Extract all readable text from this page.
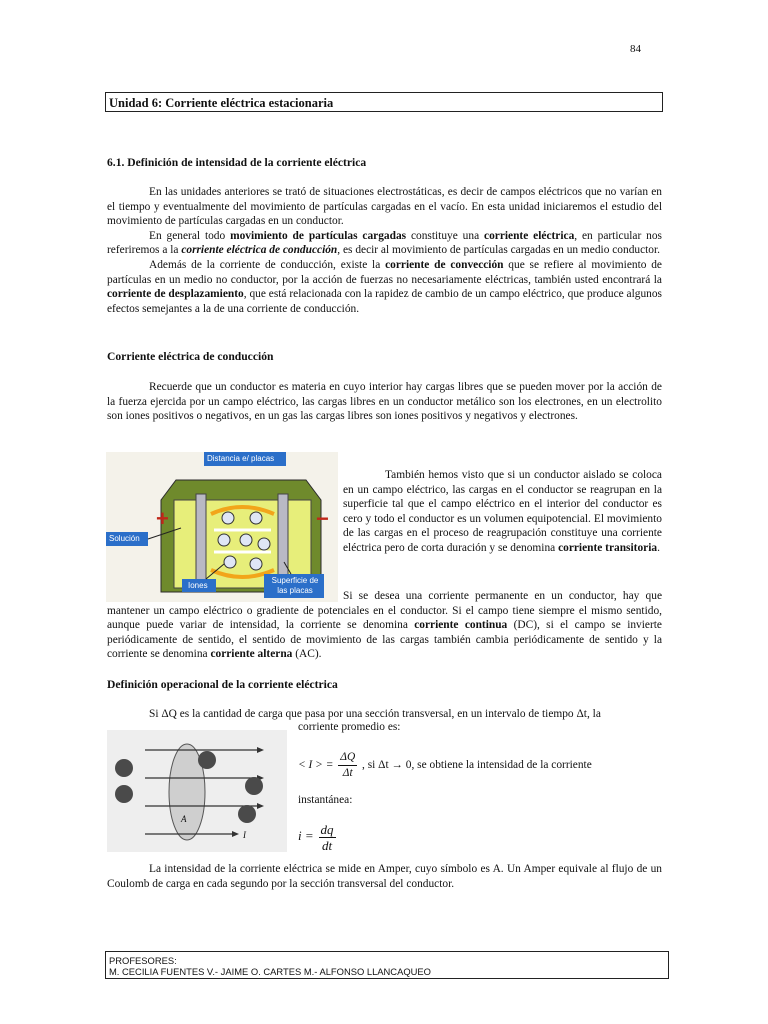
84
Unidad 6: Corriente eléctrica estacionaria
6.1. Definición de intensidad de la corriente eléctrica

En las unidades anteriores se trató de situaciones electrostáticas, es decir de campos eléctricos que no varían en el tiempo y eventualmente del movimiento de partículas cargadas en el vacío. En esta unidad iniciaremos el estudio del movimiento de partículas cargadas en un conductor.

En general todo movimiento de partículas cargadas constituye una corriente eléctrica, en particular nos referiremos a la corriente eléctrica de conducción, es decir al movimiento de partículas cargadas en un medio conductor.

Además de la corriente de conducción, existe la corriente de convección que se refiere al movimiento de partículas en un medio no conductor, por la acción de fuerzas no necesariamente eléctricas, también usted encontrará la corriente de desplazamiento, que está relacionada con la rapidez de cambio de un campo eléctrico, que produce algunos efectos semejantes a la de una corriente de conducción.

Corriente eléctrica de conducción

Recuerde que un conductor es materia en cuyo interior hay cargas libres que se pueden mover por la acción de la fuerza ejercida por un campo eléctrico, las cargas libres en un conductor metálico son los electrones, en un electrolito son iones positivos o negativos, en un gas las cargas libres son iones positivos y negativos y electrones.

Distancia e/ placas
Solución
Iones
Superficie de las placas
+	−

También hemos visto que si un conductor aislado se coloca en un campo eléctrico, las cargas en el conductor se reagrupan en la superficie tal que el campo eléctrico en el interior del conductor es cero y todo el conductor es un volumen equipotencial. El movimiento de las cargas en el proceso de reagrupación constituye una corriente eléctrica pero de corta duración y se denomina corriente transitoria.

Si se desea una corriente permanente en un conductor, hay que mantener un campo eléctrico o gradiente de potenciales en el conductor. Si el campo tiene siempre el mismo sentido, aunque puede variar de intensidad, la corriente se denomina corriente continua (DC), si el campo se invierte periódicamente de sentido, el sentido de movimiento de las cargas también cambia periódicamente de sentido y la corriente se denomina corriente alterna (AC).

Definición operacional de la corriente eléctrica

Si ΔQ es la cantidad de carga que pasa por una sección transversal, en un intervalo de tiempo Δt, la

corriente promedio es:
A
I
< I > = $\frac{\Delta Q}{\Delta t}$ , si Δt → 0, se obtiene la intensidad de la corriente
instantánea:
$i = \frac{dq}{dt}$

La intensidad de la corriente eléctrica se mide en Amper, cuyo símbolo es A. Un Amper equivale al flujo de un Coulomb de carga en cada segundo por la sección transversal del conductor.

PROFESORES:
M. CECILIA FUENTES V.- JAIME O. CARTES M.- ALFONSO LLANCAQUEO
